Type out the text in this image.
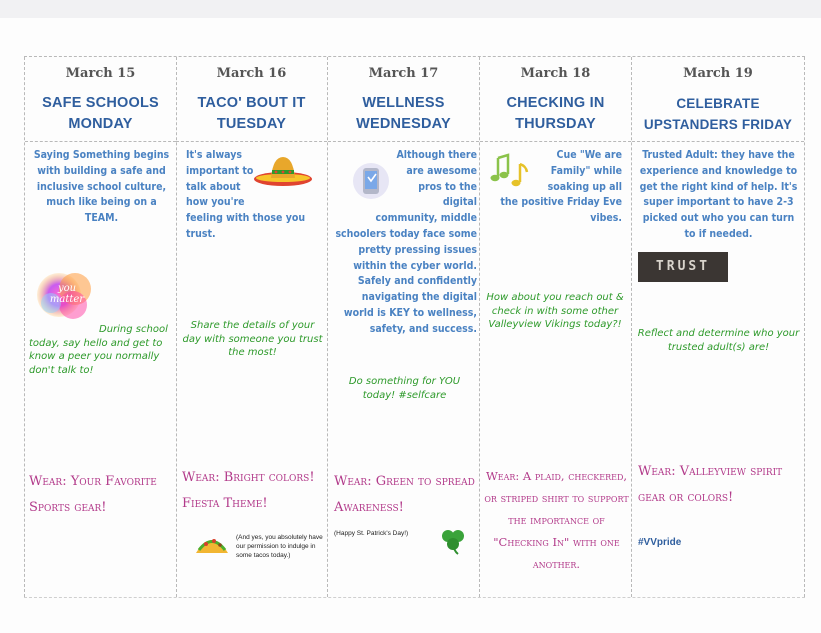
March 15
SAFE SCHOOLS MONDAY
Saying Something begins with building a safe and inclusive school culture, much like being on a TEAM.
you matter
During school today, say hello and get to know a peer you normally don't talk to!
Wear: Your Favorite Sports gear!
March 16
TACO' BOUT IT TUESDAY
It's always important to talk about how you're feeling with those you trust.
Share the details of your day with someone you trust the most!
Wear: Bright colors! Fiesta Theme!
(And yes, you absolutely have our permission to indulge in some tacos today.)
March 17
WELLNESS WEDNESDAY
Although there are awesome pros to the digital community, middle schoolers today face some pretty pressing issues within the cyber world. Safely and confidently navigating the digital world is KEY to wellness, safety, and success.
Do something for YOU today! #selfcare
Wear: Green to spread Awareness!
(Happy St. Patrick's Day!)
March 18
CHECKING IN THURSDAY
Cue "We are Family" while soaking up all the positive Friday Eve vibes.
How about you reach out & check in with some other Valleyview Vikings today?!
Wear: A plaid, checkered, or striped shirt to support the importance of "Checking In" with one another.
March 19
CELEBRATE UPSTANDERS FRIDAY
Trusted Adult: they have the experience and knowledge to get the right kind of help. It's super important to have 2-3 picked out who you can turn to if needed.
TRUST
Reflect and determine who your trusted adult(s) are!
Wear: Valleyview spirit gear or colors!
#VVpride
